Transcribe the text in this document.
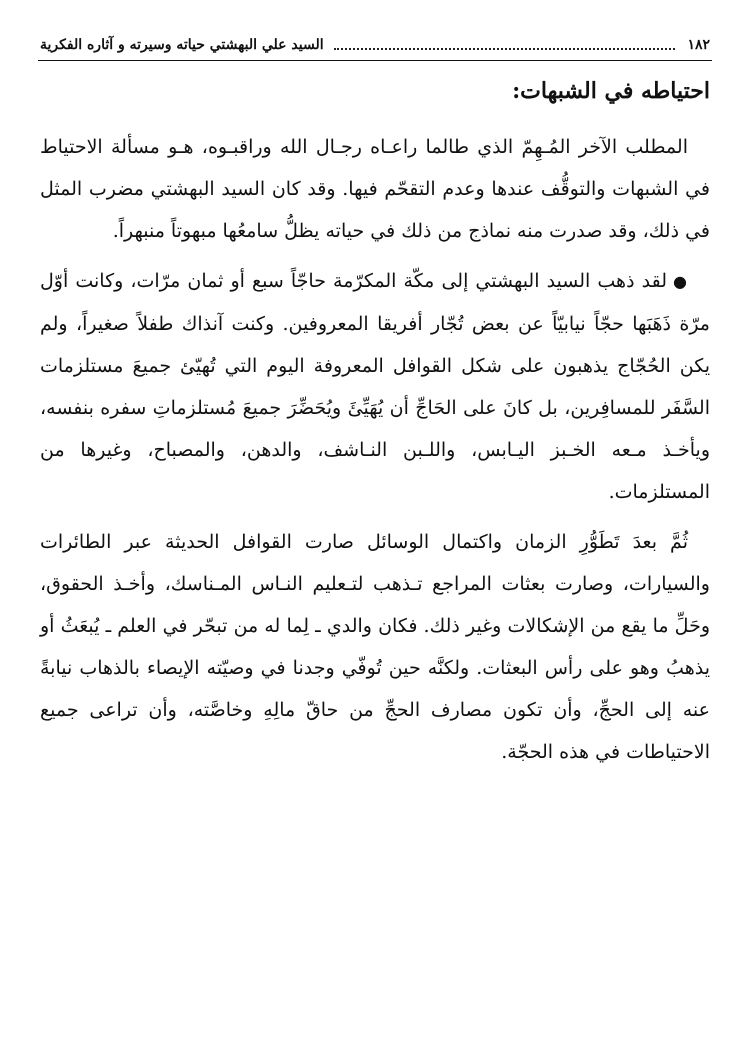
١٨٢
السيد علي البهشتي حياته وسيرته و آثاره الفكرية
احتياطه في الشبهات:

المطلب الآخر المُـهِمّ الذي طالما راعـاه رجـال الله وراقبـوه، هـو مسألة الاحتياط في الشبهات والتوقُّف عندها وعدم التقحّم فيها. وقد كان السيد البهشتي مضرب المثل في ذلك، وقد صدرت منه نماذج من ذلك في حياته يظلُّ سامعُها مبهوتاً منبهراً.

●لقد ذهب السيد البهشتي إلى مكّة المكرّمة حاجّاً سبع أو ثمان مرّات، وكانت أوّل مرّة ذَهَبَها حجّاً نيابيّاً عن بعض تُجّار أفريقا المعروفين. وكنت آنذاك طفلاً صغيراً، ولم يكن الحُجّاج يذهبون على شكل القوافل المعروفة اليوم التي تُهيّئ جميعَ مستلزمات السَّفَر للمسافِرين، بل كانَ على الحَاجِّ أن يُهَيِّئَ ويُحَضِّرَ جميعَ مُستلزماتِ سفره بنفسه، ويأخـذ مـعه الخـبز اليـابس، واللـبن النـاشف، والدهن، والمصباح، وغيرها من المستلزمات.

ثُمَّ بعدَ تَطَوُّرِ الزمان واكتمال الوسائل صارت القوافل الحديثة عبر الطائرات والسيارات، وصارت بعثات المراجع تـذهب لتـعليم النـاس المـناسك، وأخـذ الحقوق، وحَلِّ ما يقع من الإشكالات وغير ذلك. فكان والدي ـ لِما له من تبحّر في العلم ـ يُبعَثُ أو يذهبُ وهو على رأس البعثات. ولكنَّه حين تُوفّي وجدنا في وصيّته الإيصاء بالذهاب نيابةً عنه إلى الحجِّ، وأن تكون مصارف الحجِّ من حاقّ مالِهِ وخاصَّته، وأن تراعى جميع الاحتياطات في هذه الحجّة.
